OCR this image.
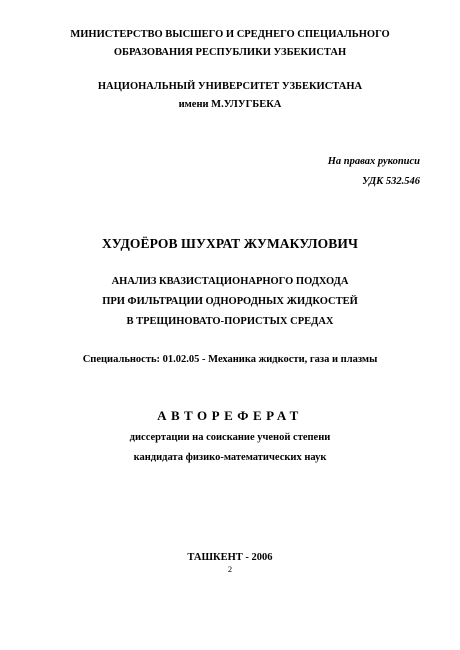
МИНИСТЕРСТВО ВЫСШЕГО И СРЕДНЕГО СПЕЦИАЛЬНОГО
ОБРАЗОВАНИЯ РЕСПУБЛИКИ УЗБЕКИСТАН
НАЦИОНАЛЬНЫЙ УНИВЕРСИТЕТ УЗБЕКИСТАНА
имени М.УЛУГБЕКА
На правах рукописи
УДК 532.546
ХУДОЁРОВ ШУХРАТ ЖУМАКУЛОВИЧ
АНАЛИЗ КВАЗИСТАЦИОНАРНОГО ПОДХОДА
ПРИ ФИЛЬТРАЦИИ ОДНОРОДНЫХ ЖИДКОСТЕЙ
В ТРЕЩИНОВАТО-ПОРИСТЫХ СРЕДАХ
Специальность: 01.02.05 - Механика жидкости, газа и плазмы
АВТОРЕФЕРАТ
диссертации на соискание ученой степени
кандидата физико-математических наук
ТАШКЕНТ - 2006
2
